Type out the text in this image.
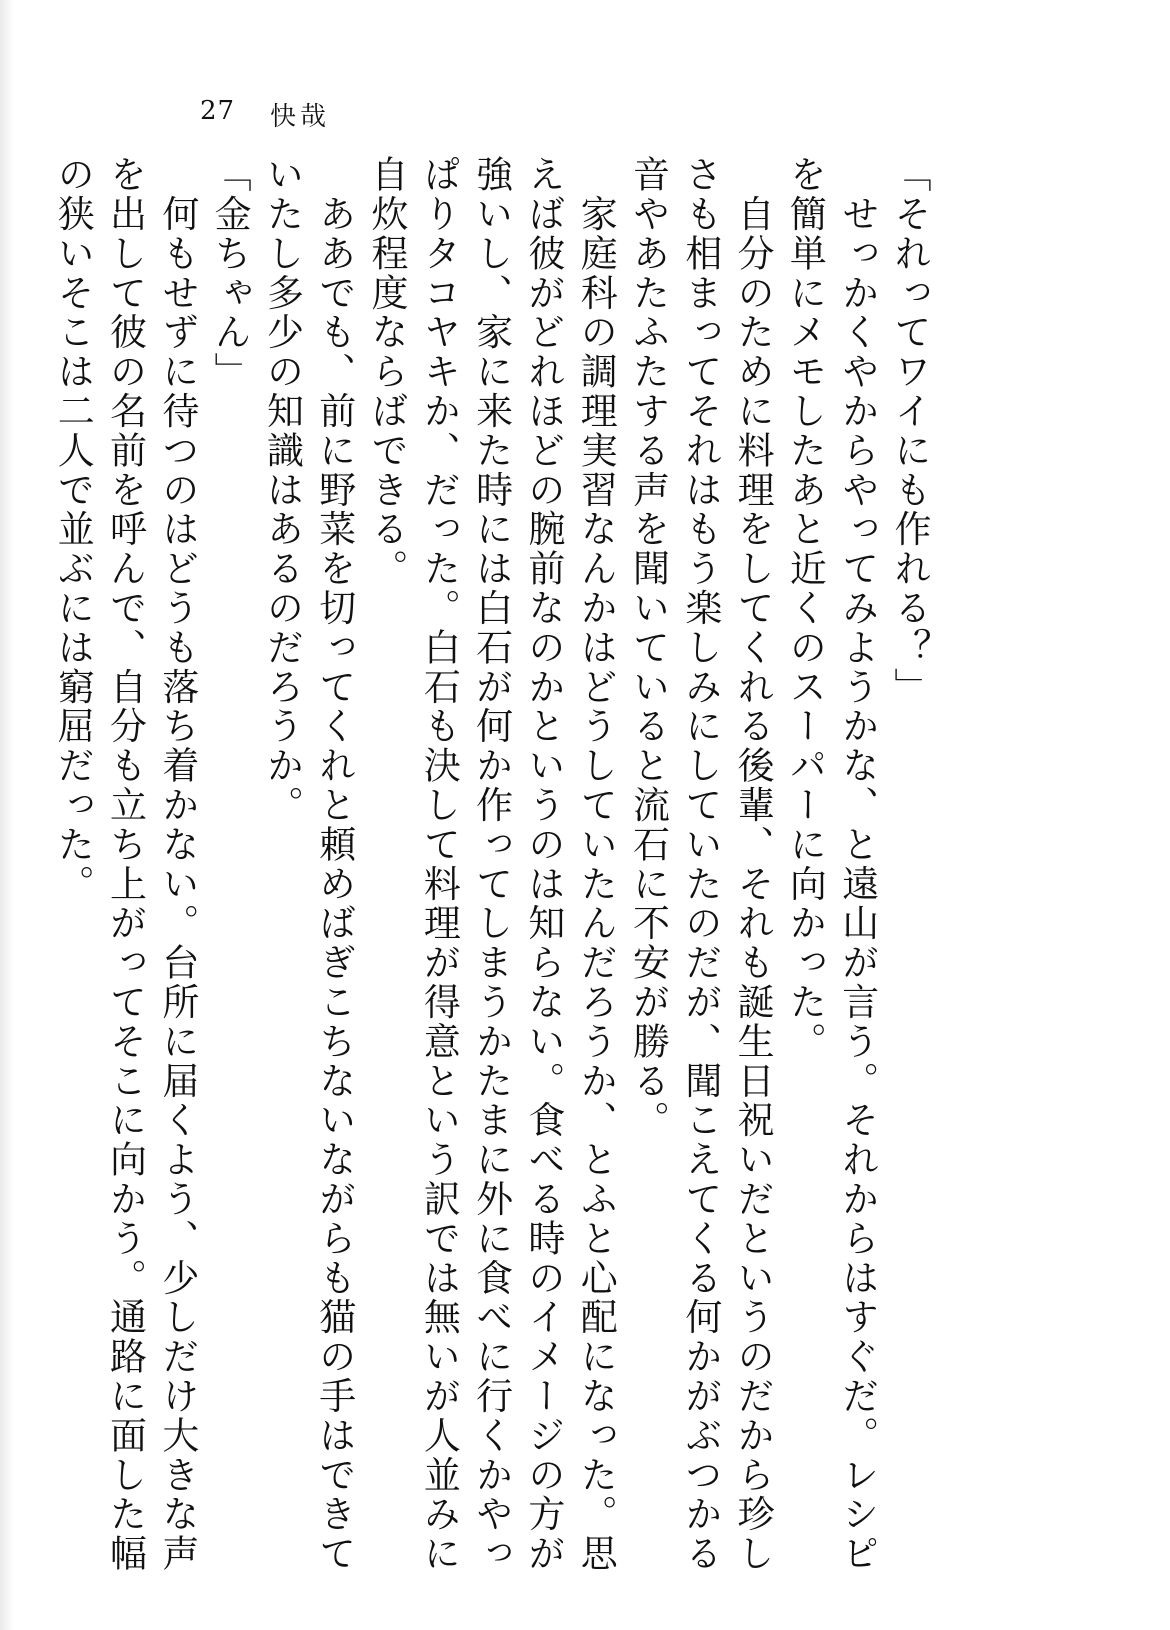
27 快哉

「それってワイにも作れる？」

　せっかくやからやってみようかな、と遠山が言う。それからはすぐだ。レシピを簡単にメモしたあと近くのスーパーに向かった。

　自分のために料理をしてくれる後輩、それも誕生日祝いだというのだから珍しさも相まってそれはもう楽しみにしていたのだが、聞こえてくる何かがぶつかる音やあたふたする声を聞いていると流石に不安が勝る。

　家庭科の調理実習なんかはどうしていたんだろうか、とふと心配になった。思えば彼がどれほどの腕前なのかというのは知らない。食べる時のイメージの方が強いし、家に来た時には白石が何か作ってしまうかたまに外に食べに行くかやっぱりタコヤキか、だった。白石も決して料理が得意という訳では無いが人並みに自炊程度ならばできる。

　ああでも、前に野菜を切ってくれと頼めばぎこちないながらも猫の手はできていたし多少の知識はあるのだろうか。

「金ちゃん」

　何もせずに待つのはどうも落ち着かない。台所に届くよう、少しだけ大きな声を出して彼の名前を呼んで、自分も立ち上がってそこに向かう。通路に面した幅の狭いそこは二人で並ぶには窮屈だった。
